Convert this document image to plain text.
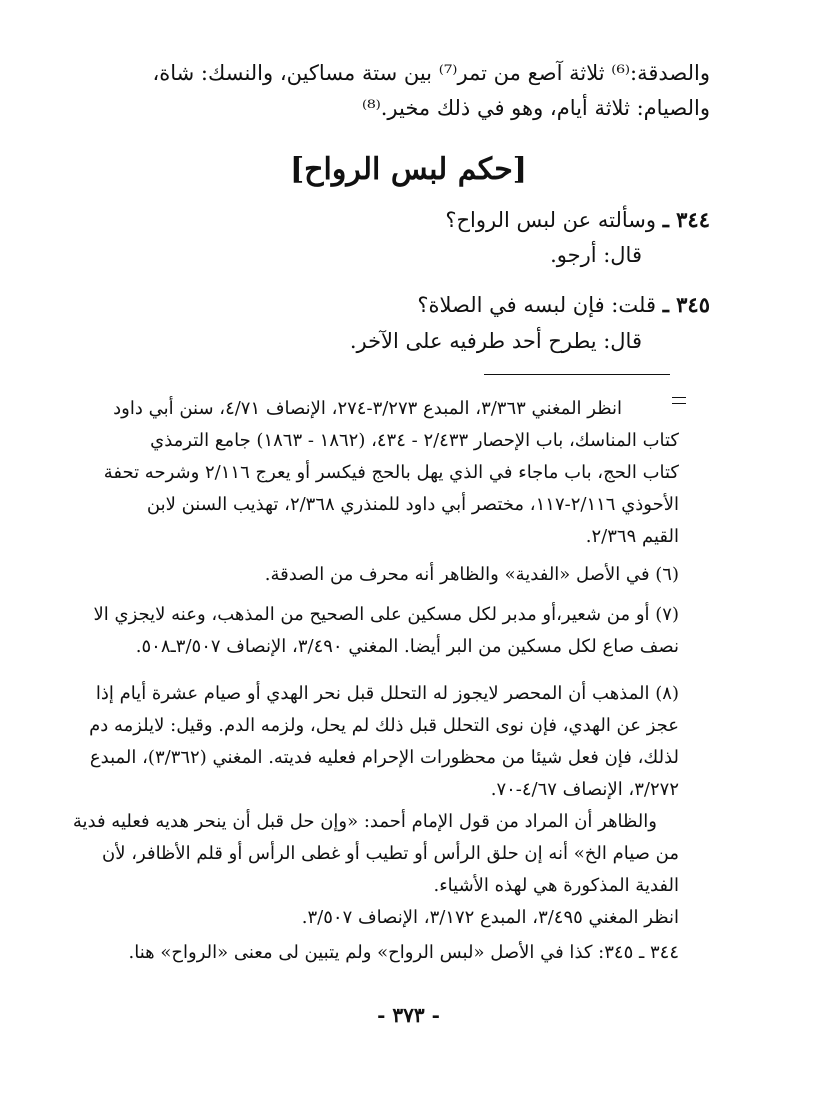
والصدقة:⁽⁶⁾ ثلاثة آصع من تمر⁽⁷⁾ بين ستة مساكين، والنسك: شاة،
والصيام: ثلاثة أيام، وهو في ذلك مخير.⁽⁸⁾
[حكم لبس الرواح]
٣٤٤ ـ وسألته عن لبس الرواح؟
قال: أرجو.
٣٤٥ ـ قلت: فإن لبسه في الصلاة؟
قال: يطرح أحد طرفيه على الآخر.
انظر المغني ٣/٣٦٣، المبدع ٣/٢٧٣-٢٧٤، الإنصاف ٤/٧١، سنن أبي داود
كتاب المناسك، باب الإحصار ٢/٤٣٣ - ٤٣٤، (١٨٦٢ - ١٨٦٣) جامع الترمذي
كتاب الحج، باب ماجاء في الذي يهل بالحج فيكسر أو يعرج ٢/١١٦ وشرحه تحفة
الأحوذي ٢/١١٦-١١٧، مختصر أبي داود للمنذري ٢/٣٦٨، تهذيب السنن لابن
القيم ٢/٣٦٩.
(٦) في الأصل «الفدية» والظاهر أنه محرف من الصدقة.
(٧) أو من شعير،أو مدبر لكل مسكين على الصحيح من المذهب، وعنه لايجزي الا
نصف صاع لكل مسكين من البر أيضا. المغني ٣/٤٩٠، الإنصاف ٣/٥٠٧ـ٥٠٨.
(٨) المذهب أن المحصر لايجوز له التحلل قبل نحر الهدي أو صيام عشرة أيام إذا
عجز عن الهدي، فإن نوى التحلل قبل ذلك لم يحل، ولزمه الدم. وقيل: لايلزمه دم
لذلك، فإن فعل شيئا من محظورات الإحرام فعليه فديته. المغني (٣/٣٦٢)، المبدع
٣/٢٧٢، الإنصاف ٤/٦٧-٧٠.
والظاهر أن المراد من قول الإمام أحمد: «وإن حل قبل أن ينحر هديه فعليه فدية
من صيام الخ» أنه إن حلق الرأس أو تطيب أو غطى الرأس أو قلم الأظافر، لأن
الفدية المذكورة هي لهذه الأشياء.
انظر المغني ٣/٤٩٥، المبدع ٣/١٧٢، الإنصاف ٣/٥٠٧.
٣٤٤ ـ ٣٤٥: كذا في الأصل «لبس الرواح» ولم يتبين لى معنى «الرواح» هنا.
- ٣٧٣ -
